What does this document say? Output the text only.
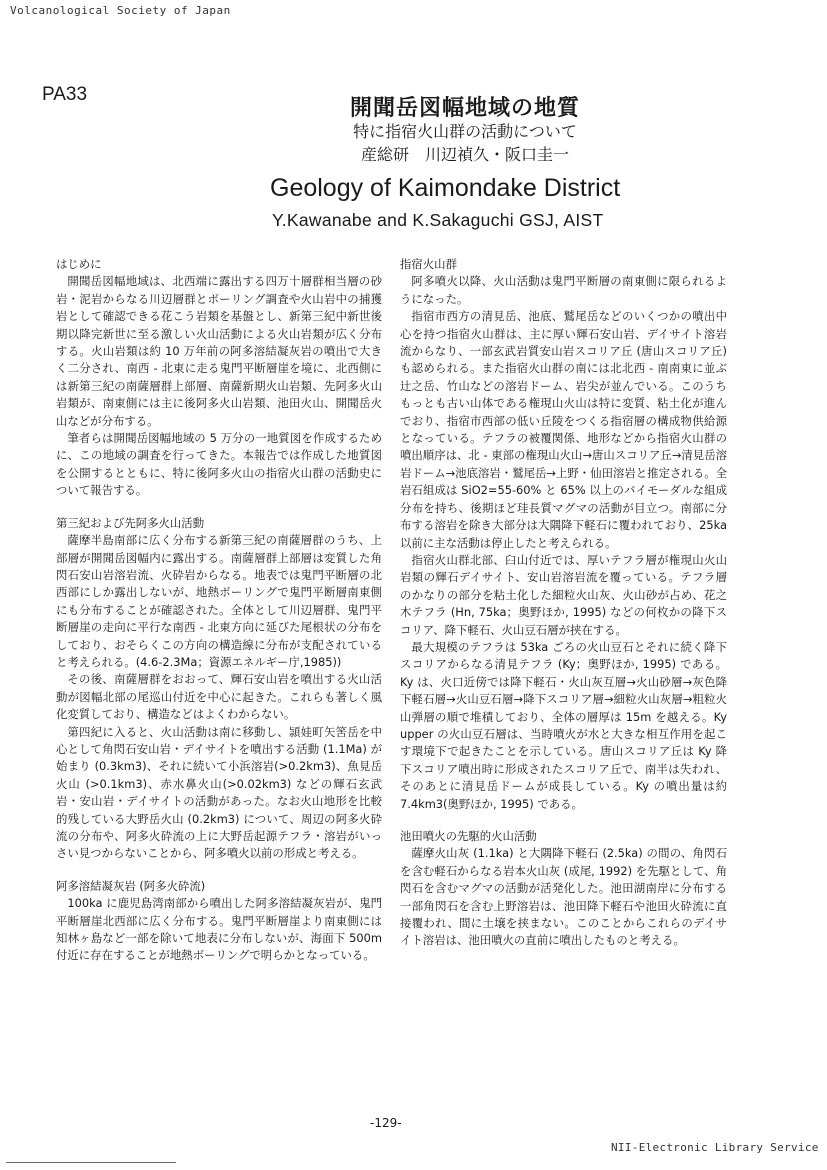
Volcanological Society of Japan
PA33
開聞岳図幅地域の地質
特に指宿火山群の活動について
産総研　川辺禎久・阪口圭一
Geology of Kaimondake District
Y.Kawanabe and K.Sakaguchi GSJ, AIST
はじめに

開聞岳図幅地域は、北西端に露出する四万十層群相当層の砂岩・泥岩からなる川辺層群とボーリング調査や火山岩中の捕獲岩として確認できる花こう岩類を基盤とし、新第三紀中新世後期以降完新世に至る激しい火山活動による火山岩類が広く分布する。火山岩類は約 10 万年前の阿多溶結凝灰岩の噴出で大きく二分され、南西 - 北東に走る鬼門平断層崖を境に、北西側には新第三紀の南薩層群上部層、南薩新期火山岩類、先阿多火山岩類が、南東側には主に後阿多火山岩類、池田火山、開聞岳火山などが分布する。

筆者らは開聞岳図幅地域の 5 万分の一地質図を作成するために、この地域の調査を行ってきた。本報告では作成した地質図を公開するとともに、特に後阿多火山の指宿火山群の活動史について報告する。

第三紀および先阿多火山活動

薩摩半島南部に広く分布する新第三紀の南薩層群のうち、上部層が開聞岳図幅内に露出する。南薩層群上部層は変質した角閃石安山岩溶岩流、火砕岩からなる。地表では鬼門平断層の北西部にしか露出しないが、地熱ボーリングで鬼門平断層南東側にも分布することが確認された。全体として川辺層群、鬼門平断層崖の走向に平行な南西 - 北東方向に延びた尾根状の分布をしており、おそらくこの方向の構造線に分布が支配されていると考えられる。(4.6-2.3Ma；資源エネルギー庁,1985))

その後、南薩層群をおおって、輝石安山岩を噴出する火山活動が図幅北部の尾巡山付近を中心に起きた。これらも著しく風化変質しており、構造などはよくわからない。

第四紀に入ると、火山活動は南に移動し、頴娃町矢筈岳を中心として角閃石安山岩・デイサイトを噴出する活動 (1.1Ma) が始まり (0.3km3)、それに続いて小浜溶岩(>0.2km3)、魚見岳火山 (>0.1km3)、赤水鼻火山(>0.02km3) などの輝石玄武岩・安山岩・デイサイトの活動があった。なお火山地形を比較的残している大野岳火山 (0.2km3) について、周辺の阿多火砕流の分布や、阿多火砕流の上に大野岳起源テフラ・溶岩がいっさい見つからないことから、阿多噴火以前の形成と考える。

阿多溶結凝灰岩 (阿多火砕流)

100ka に鹿児島湾南部から噴出した阿多溶結凝灰岩が、鬼門平断層崖北西部に広く分布する。鬼門平断層崖より南東側には知林ヶ島など一部を除いて地表に分布しないが、海面下 500m 付近に存在することが地熱ボーリングで明らかとなっている。

指宿火山群

阿多噴火以降、火山活動は鬼門平断層の南東側に限られるようになった。

指宿市西方の清見岳、池底、鷲尾岳などのいくつかの噴出中心を持つ指宿火山群は、主に厚い輝石安山岩、デイサイト溶岩流からなり、一部玄武岩質安山岩スコリア丘 (唐山スコリア丘) も認められる。また指宿火山群の南には北北西 - 南南東に並ぶ辻之岳、竹山などの溶岩ドーム、岩尖が並んでいる。このうちもっとも古い山体である権現山火山は特に変質、粘土化が進んでおり、指宿市西部の低い丘陵をつくる指宿層の構成物供給源となっている。テフラの被覆関係、地形などから指宿火山群の噴出順序は、北 - 東部の権現山火山→唐山スコリア丘→清見岳溶岩ドーム→池底溶岩・鷲尾岳→上野・仙田溶岩と推定される。全岩石組成は SiO2=55-60% と 65% 以上のバイモーダルな組成分布を持ち、後期ほど珪長質マグマの活動が目立つ。南部に分布する溶岩を除き大部分は大隅降下軽石に覆われており、25ka 以前に主な活動は停止したと考えられる。

指宿火山群北部、臼山付近では、厚いテフラ層が権現山火山岩類の輝石デイサイト、安山岩溶岩流を覆っている。テフラ層のかなりの部分を粘土化した細粒火山灰、火山砂が占め、花之木テフラ (Hn, 75ka；奥野ほか, 1995) などの何枚かの降下スコリア、降下軽石、火山豆石層が挟在する。

最大規模のテフラは 53ka ごろの火山豆石とそれに続く降下スコリアからなる清見テフラ (Ky；奥野ほか, 1995) である。Ky は、火口近傍では降下軽石・火山灰互層→火山砂層→灰色降下軽石層→火山豆石層→降下スコリア層→細粒火山灰層→粗粒火山弾層の順で堆積しており、全体の層厚は 15m を越える。Ky upper の火山豆石層は、当時噴火が水と大きな相互作用を起こす環境下で起きたことを示している。唐山スコリア丘は Ky 降下スコリア噴出時に形成されたスコリア丘で、南半は失われ、そのあとに清見岳ドームが成長している。Ky の噴出量は約 7.4km3(奥野ほか, 1995) である。

池田噴火の先駆的火山活動

薩摩火山灰 (1.1ka) と大隅降下軽石 (2.5ka) の間の、角閃石を含む軽石からなる岩本火山灰 (成尾, 1992) を先駆として、角閃石を含むマグマの活動が活発化した。池田湖南岸に分布する一部角閃石を含む上野溶岩は、池田降下軽石や池田火砕流に直接覆われ、間に土壌を挟まない。このことからこれらのデイサイト溶岩は、池田噴火の直前に噴出したものと考える。

-129-
NII-Electronic Library Service
